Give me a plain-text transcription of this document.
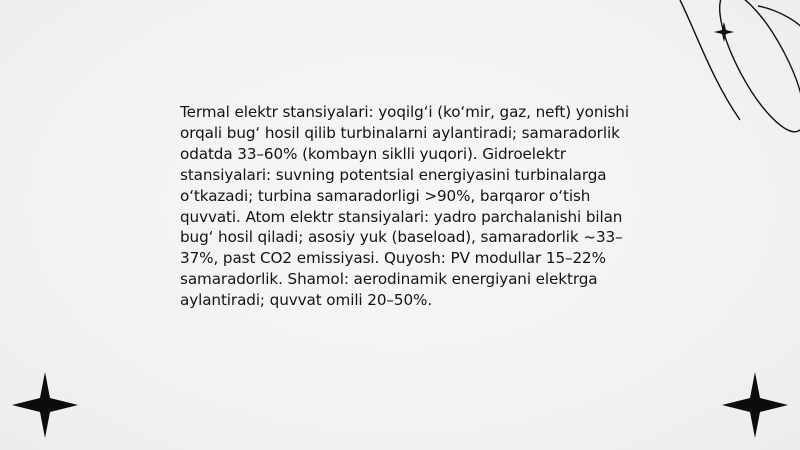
Termal elektr stansiyalari: yoqilg‘i (ko‘mir, gaz, neft) yonishi orqali bug‘ hosil qilib turbinalarni aylantiradi; samaradorlik odatda 33–60% (kombayn siklli yuqori). Gidroelektr stansiyalari: suvning potentsial energiyasini turbinalarga o‘tkazadi; turbina samaradorligi >90%, barqaror o‘tish quvvati. Atom elektr stansiyalari: yadro parchalanishi bilan bug‘ hosil qiladi; asosiy yuk (baseload), samaradorlik ~33–37%, past CO2 emissiyasi. Quyosh: PV modullar 15–22% samaradorlik. Shamol: aerodinamik energiyani elektrga aylantiradi; quvvat omili 20–50%.
